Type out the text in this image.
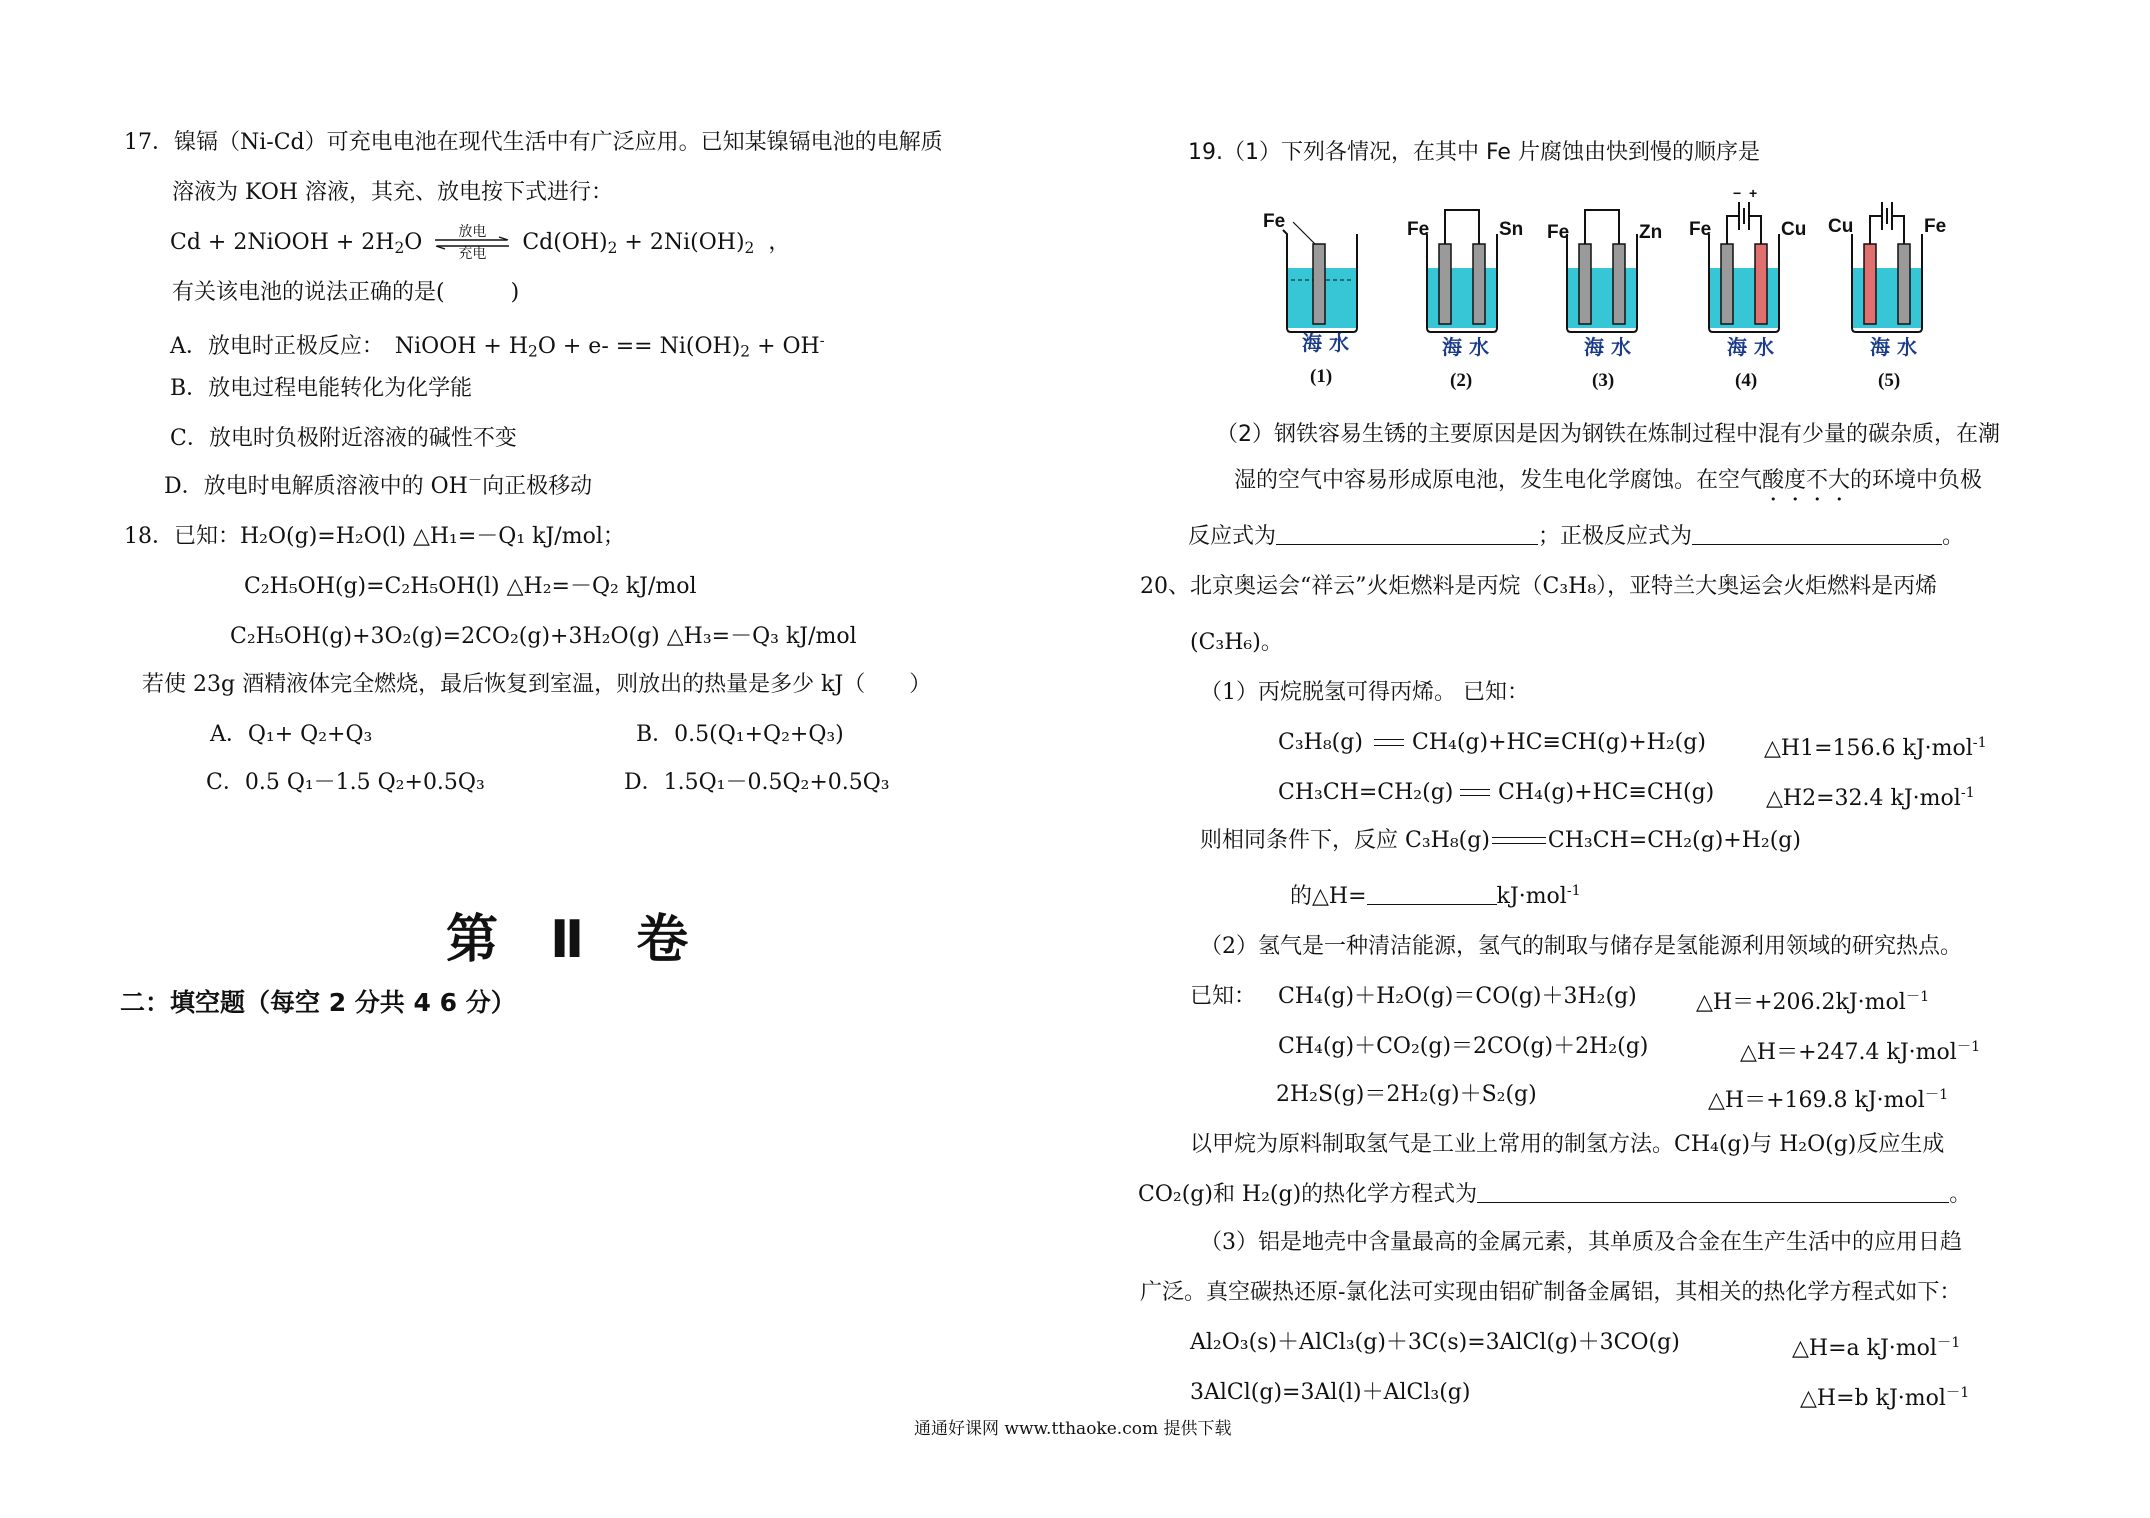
17．镍镉（Ni-Cd）可充电电池在现代生活中有广泛应用。已知某镍镉电池的电解质
溶液为 KOH 溶液，其充、放电按下式进行：
Cd + 2NiOOH + $2H_2O$	放电
充电	$Cd(OH)_2 + 2Ni(OH)_2$ ，
有关该电池的说法正确的是(　　　)
A．放电时正极反应：　NiOOH + $H_2O + e- == Ni(OH)_2 + OH^-$
B．放电过程电能转化为化学能
C．放电时负极附近溶液的碱性不变
D．放电时电解质溶液中的 OH－向正极移动
18．已知：H₂O(g)=H₂O(l) △H₁=－Q₁ kJ/mol；
C₂H₅OH(g)=C₂H₅OH(l) △H₂=－Q₂ kJ/mol
C₂H₅OH(g)+3O₂(g)=2CO₂(g)+3H₂O(g) △H₃=－Q₃ kJ/mol
若使 23g 酒精液体完全燃烧，最后恢复到室温，则放出的热量是多少 kJ（　　）
A．Q₁+ Q₂+Q₃	B．0.5(Q₁+Q₂+Q₃)
C．0.5 Q₁－1.5 Q₂+0.5Q₃	D．1.5Q₁－0.5Q₂+0.5Q₃
第　Ⅱ　卷
二：填空题（每空 2 分共 4 6 分）
19.（1）下列各情况，在其中 Fe 片腐蚀由快到慢的顺序是
Fe	Fe	Sn Fe	Zn
− +
Fe	Cu Cu	Fe
海 水	海 水	海 水	海 水	海 水
(1)	(2)	(3)	(4)	(5)
（2）钢铁容易生锈的主要原因是因为钢铁在炼制过程中混有少量的碳杂质，在潮
湿的空气中容易形成原电池，发生电化学腐蚀。在空气酸度不大的环境中负极
反应式为	；正极反应式为	。
20、北京奥运会“祥云”火炬燃料是丙烷（C₃H₈），亚特兰大奥运会火炬燃料是丙烯
(C₃H₆)。
（1）丙烷脱氢可得丙烯。 已知：
C₃H₈(g) CH₄(g)+HC≡CH(g)+H₂(g)	△H1=156.6 kJ·mol$^{-1}$
CH₃CH=CH₂(g) CH₄(g)+HC≡CH(g) △H2=32.4 kJ·mol$^{-1}$
则相同条件下，反应 C₃H₈(g)	CH₃CH=CH₂(g)+H₂(g)
的△H=	kJ·mol$^{-1}$
（2）氢气是一种清洁能源，氢气的制取与储存是氢能源利用领域的研究热点。
已知： CH₄(g)＋H₂O(g)＝CO(g)＋3H₂(g)	△H＝+206.2kJ·mol$^{-1}$
CH₄(g)＋CO₂(g)＝2CO(g)＋2H₂(g)	△H＝+247.4 kJ·mol$^{-1}$
2H₂S(g)＝2H₂(g)＋S₂(g)	△H＝+169.8 kJ·mol$^{-1}$
以甲烷为原料制取氢气是工业上常用的制氢方法。CH₄(g)与 H₂O(g)反应生成
CO₂(g)和 H₂(g)的热化学方程式为	。
（3）铝是地壳中含量最高的金属元素，其单质及合金在生产生活中的应用日趋
广泛。真空碳热还原-氯化法可实现由铝矿制备金属铝，其相关的热化学方程式如下：
Al₂O₃(s)＋AlCl₃(g)＋3C(s)=3AlCl(g)＋3CO(g)	△H=a kJ·mol$^{-1}$
3AlCl(g)=3Al(l)＋AlCl₃(g)	△H=b kJ·mol$^{-1}$
通通好课网 www.tthaoke.com 提供下载
